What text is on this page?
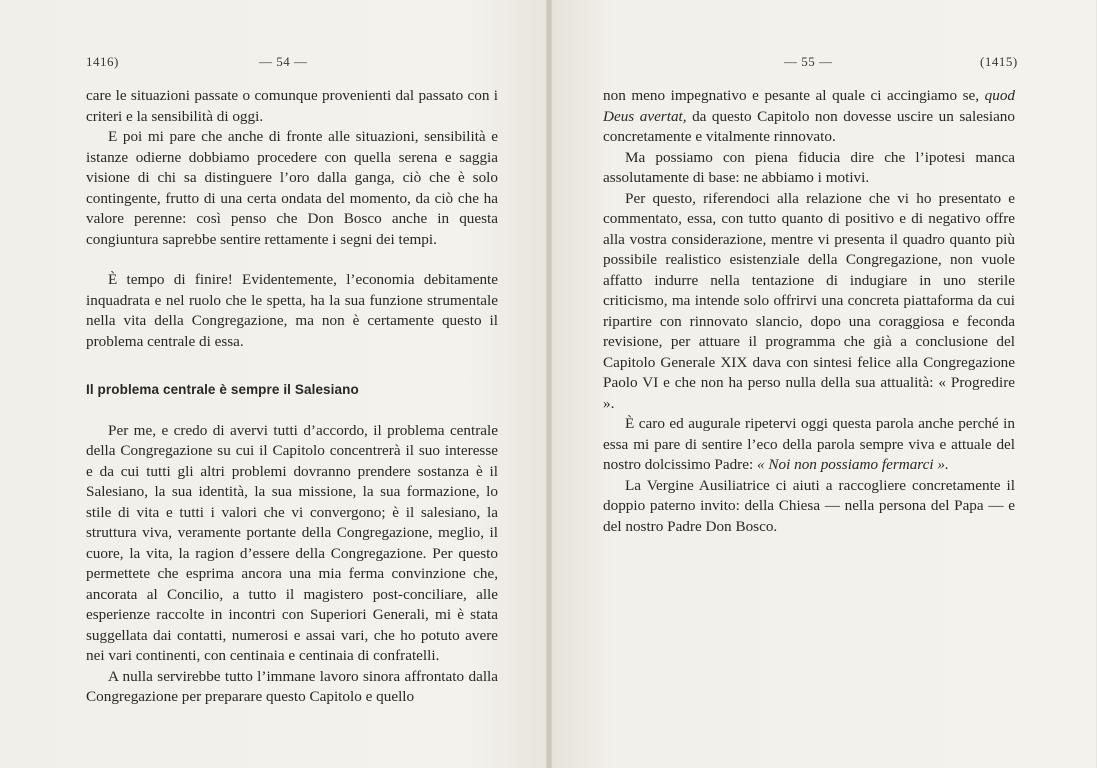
1416)	— 54 —

care le situazioni passate o comunque provenienti dal passato con i criteri e la sensibilità di oggi.

E poi mi pare che anche di fronte alle situazioni, sensibilità e istanze odierne dobbiamo procedere con quella serena e saggia visione di chi sa distinguere l’oro dalla ganga, ciò che è solo contingente, frutto di una certa ondata del momento, da ciò che ha valore perenne: così penso che Don Bosco anche in questa congiuntura saprebbe sentire rettamente i segni dei tempi.

È tempo di finire! Evidentemente, l’economia debitamente inquadrata e nel ruolo che le spetta, ha la sua funzione strumentale nella vita della Congregazione, ma non è certamente questo il problema centrale di essa.

Il problema centrale è sempre il Salesiano

Per me, e credo di avervi tutti d’accordo, il problema centrale della Congregazione su cui il Capitolo concentrerà il suo interesse e da cui tutti gli altri problemi dovranno prendere sostanza è il Salesiano, la sua identità, la sua missione, la sua formazione, lo stile di vita e tutti i valori che vi convergono; è il salesiano, la struttura viva, veramente portante della Congregazione, meglio, il cuore, la vita, la ragion d’essere della Congregazione. Per questo permettete che esprima ancora una mia ferma convinzione che, ancorata al Concilio, a tutto il magistero post-conciliare, alle esperienze raccolte in incontri con Superiori Generali, mi è stata suggellata dai contatti, numerosi e assai vari, che ho potuto avere nei vari continenti, con centinaia e centinaia di confratelli.

A nulla servirebbe tutto l’immane lavoro sinora affrontato dalla Congregazione per preparare questo Capitolo e quello

— 55 —	(1415)

non meno impegnativo e pesante al quale ci accingiamo se, quod Deus avertat, da questo Capitolo non dovesse uscire un salesiano concretamente e vitalmente rinnovato.

Ma possiamo con piena fiducia dire che l’ipotesi manca assolutamente di base: ne abbiamo i motivi.

Per questo, riferendoci alla relazione che vi ho presentato e commentato, essa, con tutto quanto di positivo e di negativo offre alla vostra considerazione, mentre vi presenta il quadro quanto più possibile realistico esistenziale della Congregazione, non vuole affatto indurre nella tentazione di indugiare in uno sterile criticismo, ma intende solo offrirvi una concreta piattaforma da cui ripartire con rinnovato slancio, dopo una coraggiosa e feconda revisione, per attuare il programma che già a conclusione del Capitolo Generale XIX dava con sintesi felice alla Congregazione Paolo VI e che non ha perso nulla della sua attualità: « Progredire ».

È caro ed augurale ripetervi oggi questa parola anche perché in essa mi pare di sentire l’eco della parola sempre viva e attuale del nostro dolcissimo Padre: « Noi non possiamo fermarci ».

La Vergine Ausiliatrice ci aiuti a raccogliere concretamente il doppio paterno invito: della Chiesa — nella persona del Papa — e del nostro Padre Don Bosco.
